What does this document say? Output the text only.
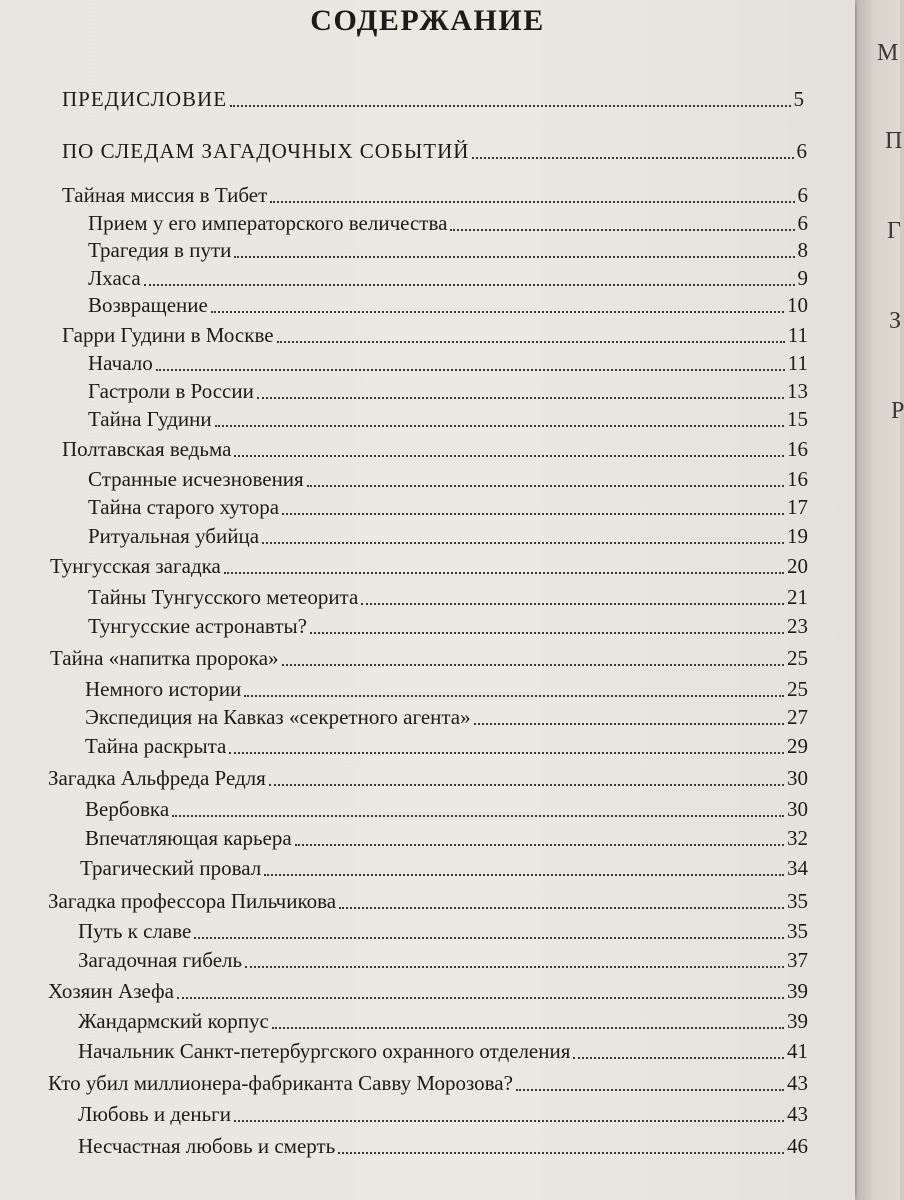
СОДЕРЖАНИЕ
ПРЕДИСЛОВИЕ	5
ПО СЛЕДАМ ЗАГАДОЧНЫХ СОБЫТИЙ	6
Тайная миссия в Тибет	6
Прием у его императорского величества	6
Трагедия в пути	8
Лхаса	9
Возвращение	10
Гарри Гудини в Москве	11
Начало	11
Гастроли в России	13
Тайна Гудини	15
Полтавская ведьма	16
Странные исчезновения	16
Тайна старого хутора	17
Ритуальная убийца	19
Тунгусская загадка	20
Тайны Тунгусского метеорита	21
Тунгусские астронавты?	23
Тайна «напитка пророка»	25
Немного истории	25
Экспедиция на Кавказ «секретного агента»	27
Тайна раскрыта	29
Загадка Альфреда Редля	30
Вербовка	30
Впечатляющая карьера	32
Трагический провал	34
Загадка профессора Пильчикова	35
Путь к славе	35
Загадочная гибель	37
Хозяин Азефа	39
Жандармский корпус	39
Начальник Санкт-петербургского охранного отделения	41
Кто убил миллионера-фабриканта Савву Морозова?	43
Любовь и деньги	43
Несчастная любовь и смерть	46
М
П
Г
З
Р
